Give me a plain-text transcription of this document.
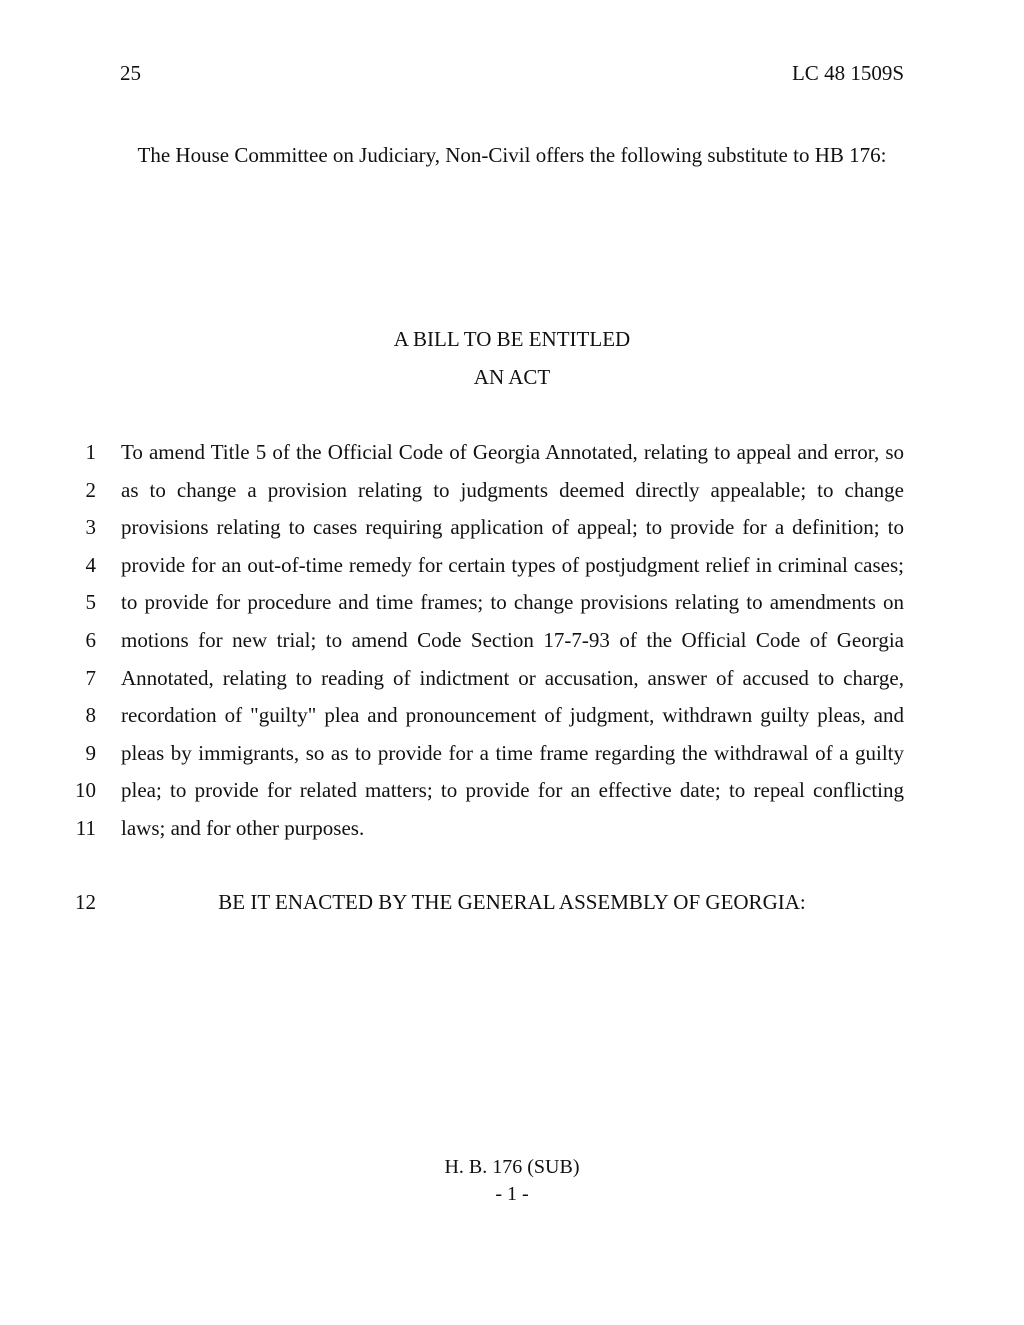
25	LC 48 1509S
The House Committee on Judiciary, Non-Civil offers the following substitute to HB 176:
A BILL TO BE ENTITLED
AN ACT
1 To amend Title 5 of the Official Code of Georgia Annotated, relating to appeal and error, so
2 as to change a provision relating to judgments deemed directly appealable; to change
3 provisions relating to cases requiring application of appeal; to provide for a definition; to
4 provide for an out-of-time remedy for certain types of postjudgment relief in criminal cases;
5 to provide for procedure and time frames; to change provisions relating to amendments on
6 motions for new trial; to amend Code Section 17-7-93 of the Official Code of Georgia
7 Annotated, relating to reading of indictment or accusation, answer of accused to charge,
8 recordation of "guilty" plea and pronouncement of judgment, withdrawn guilty pleas, and
9 pleas by immigrants, so as to provide for a time frame regarding the withdrawal of a guilty
10 plea; to provide for related matters; to provide for an effective date; to repeal conflicting
11 laws; and for other purposes.
12	BE IT ENACTED BY THE GENERAL ASSEMBLY OF GEORGIA:
H. B. 176 (SUB)
- 1 -
